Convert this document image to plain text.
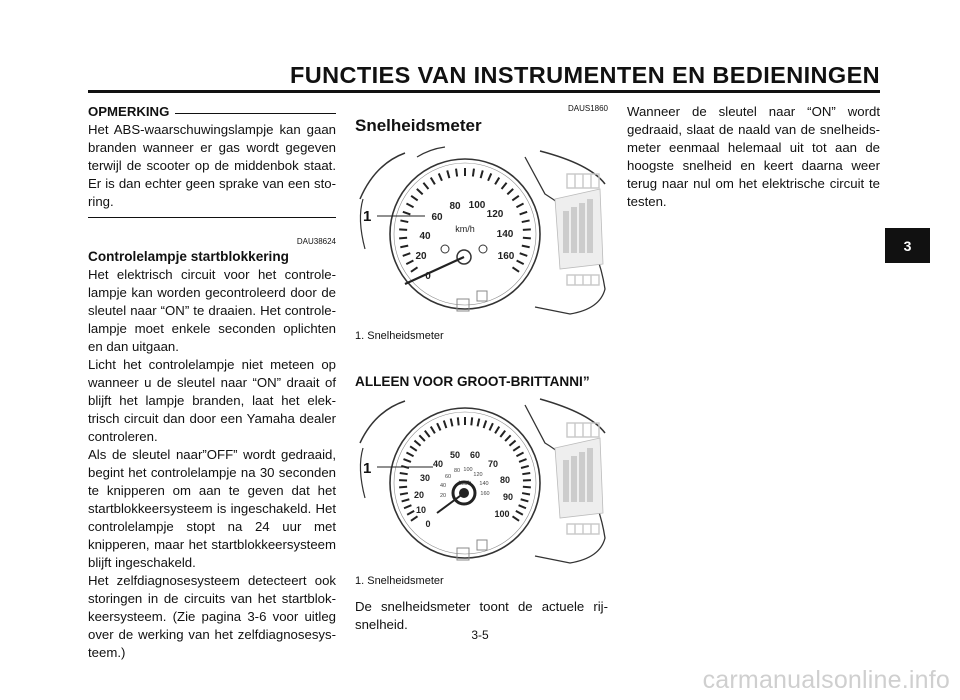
FUNCTIES VAN INSTRUMENTEN EN BEDIENINGEN
OPMERKING

Het ABS-waarschuwingslampje kan gaan branden wanneer er gas wordt gegeven terwijl de scooter op de middenbok staat. Er is dan echter geen sprake van een sto-ring.

DAU38624

Controlelampje startblokkering

Het elektrisch circuit voor het controle-lampje kan worden gecontroleerd door de sleutel naar “ON” te draaien. Het controle-lampje moet enkele seconden oplichten en dan uitgaan.

Licht het controlelampje niet meteen op wanneer u de sleutel naar “ON” draait of blijft het lampje branden, laat het elek-trisch circuit dan door een Yamaha dealer controleren.

Als de sleutel naar”OFF” wordt gedraaid, begint het controlelampje na 30 seconden te knipperen om aan te geven dat het startblokkeersysteem is ingeschakeld. Het controlelampje stopt na 24 uur met knipperen, maar het startblokkeersysteem blijft ingeschakeld.

Het zelfdiagnosesysteem detecteert ook storingen in de circuits van het startblok-keersysteem. (Zie pagina 3-6 voor uitleg over de werking van het zelfdiagnosesys-teem.)

DAUS1860

Snelheidsmeter
0
20
40
60
80 100
120
140
160
km/h
1

1. Snelheidsmeter

ALLEEN VOOR GROOT-BRITTANNI”
0
10
20
30
40
50 60
70
80
90
100
20
40
60
80 100
120
140
160
km/h
1

1. Snelheidsmeter

De snelheidsmeter toont de actuele rij-snelheid.

Wanneer de sleutel naar “ON” wordt gedraaid, slaat de naald van de snelheids-meter eenmaal helemaal uit tot aan de hoogste snelheid en keert daarna weer terug naar nul om het elektrische circuit te testen.

3
3-5
carmanualsonline.info
